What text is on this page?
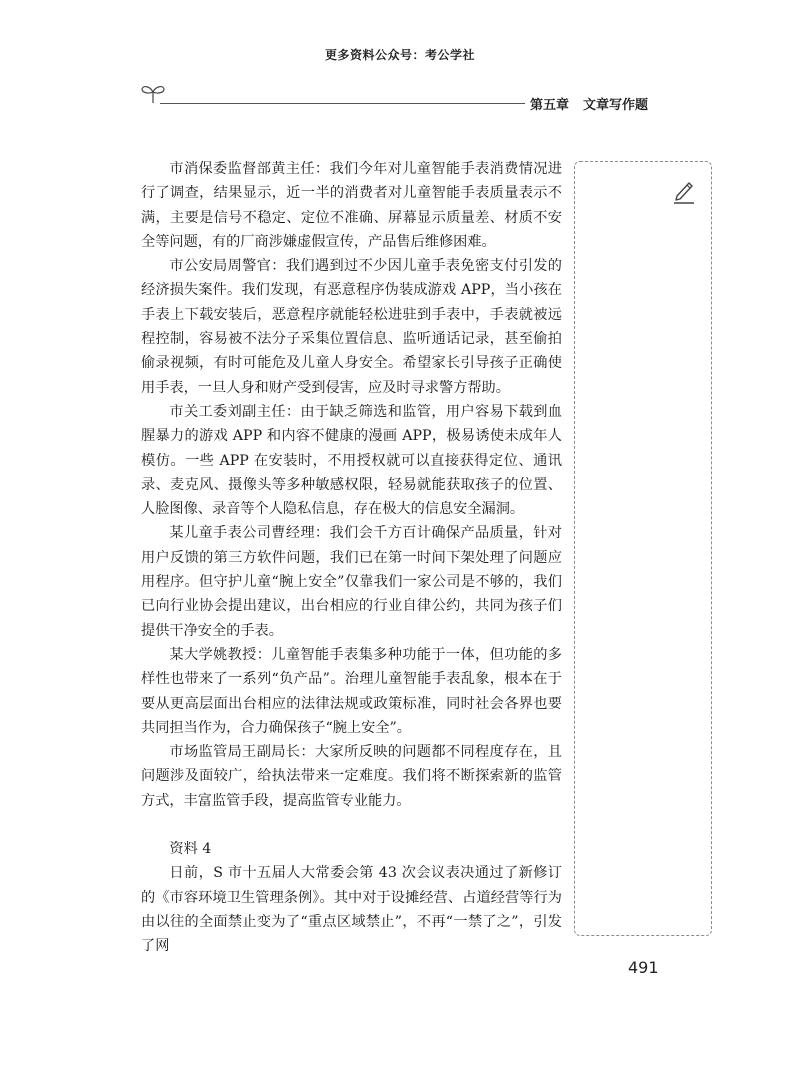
更多资料公众号：考公学社
第五章 文章写作题

市消保委监督部黄主任：我们今年对儿童智能手表消费情况进行了调查，结果显示，近一半的消费者对儿童智能手表质量表示不满，主要是信号不稳定、定位不准确、屏幕显示质量差、材质不安全等问题，有的厂商涉嫌虚假宣传，产品售后维修困难。

市公安局周警官：我们遇到过不少因儿童手表免密支付引发的经济损失案件。我们发现，有恶意程序伪装成游戏 APP，当小孩在手表上下载安装后，恶意程序就能轻松进驻到手表中，手表就被远程控制，容易被不法分子采集位置信息、监听通话记录，甚至偷拍偷录视频，有时可能危及儿童人身安全。希望家长引导孩子正确使用手表，一旦人身和财产受到侵害，应及时寻求警方帮助。

市关工委刘副主任：由于缺乏筛选和监管，用户容易下载到血腥暴力的游戏 APP 和内容不健康的漫画 APP，极易诱使未成年人模仿。一些 APP 在安装时，不用授权就可以直接获得定位、通讯录、麦克风、摄像头等多种敏感权限，轻易就能获取孩子的位置、人脸图像、录音等个人隐私信息，存在极大的信息安全漏洞。

某儿童手表公司曹经理：我们会千方百计确保产品质量，针对用户反馈的第三方软件问题，我们已在第一时间下架处理了问题应用程序。但守护儿童“腕上安全”仅靠我们一家公司是不够的，我们已向行业协会提出建议，出台相应的行业自律公约，共同为孩子们提供干净安全的手表。

某大学姚教授：儿童智能手表集多种功能于一体，但功能的多样性也带来了一系列“负产品”。治理儿童智能手表乱象，根本在于要从更高层面出台相应的法律法规或政策标准，同时社会各界也要共同担当作为，合力确保孩子“腕上安全”。

市场监管局王副局长：大家所反映的问题都不同程度存在，且问题涉及面较广，给执法带来一定难度。我们将不断探索新的监管方式，丰富监管手段，提高监管专业能力。

资料 4

日前，S 市十五届人大常委会第 43 次会议表决通过了新修订的《市容环境卫生管理条例》。其中对于设摊经营、占道经营等行为由以往的全面禁止变为了“重点区域禁止”，不再“一禁了之”，引发了网

491
